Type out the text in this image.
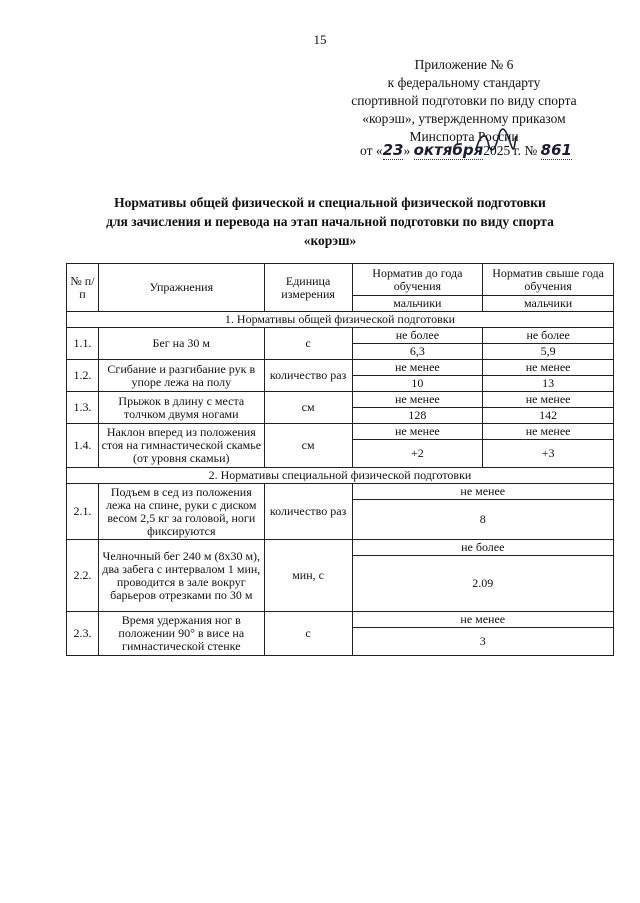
15
Приложение № 6
к федеральному стандарту
спортивной подготовки по виду спорта
«корэш», утвержденному приказом
Минспорта России
от «23» октября2025 г. № 861
Нормативы общей физической и специальной физической подготовки
для зачисления и перевода на этап начальной подготовки по виду спорта
«корэш»
№ п/п	Упражнения	Единица измерения	Норматив до года обучения	Норматив свыше года обучения
			мальчики	мальчики
1. Нормативы общей физической подготовки				
1.1.	Бег на 30 м	с	не более	не более
			6,3	5,9
1.2.	Сгибание и разгибание рук в упоре лежа на полу	количество раз	не менее	не менее
			10	13
1.3.	Прыжок в длину с места толчком двумя ногами	см	не менее	не менее
			128	142
1.4.	Наклон вперед из положения стоя на гимнастической скамье (от уровня скамьи)	см	не менее	не менее
			+2	+3
2. Нормативы специальной физической подготовки				
2.1.	Подъем в сед из положения лежа на спине, руки с диском весом 2,5 кг за головой, ноги фиксируются	количество раз	не менее	
			8	
2.2.	Челночный бег 240 м (8х30 м), два забега с интервалом 1 мин, проводится в зале вокруг барьеров отрезками по 30 м	мин, с	не более	
			2.09	
2.3.	Время удержания ног в положении 90° в висе на гимнастической стенке	с	не менее	
			3	
